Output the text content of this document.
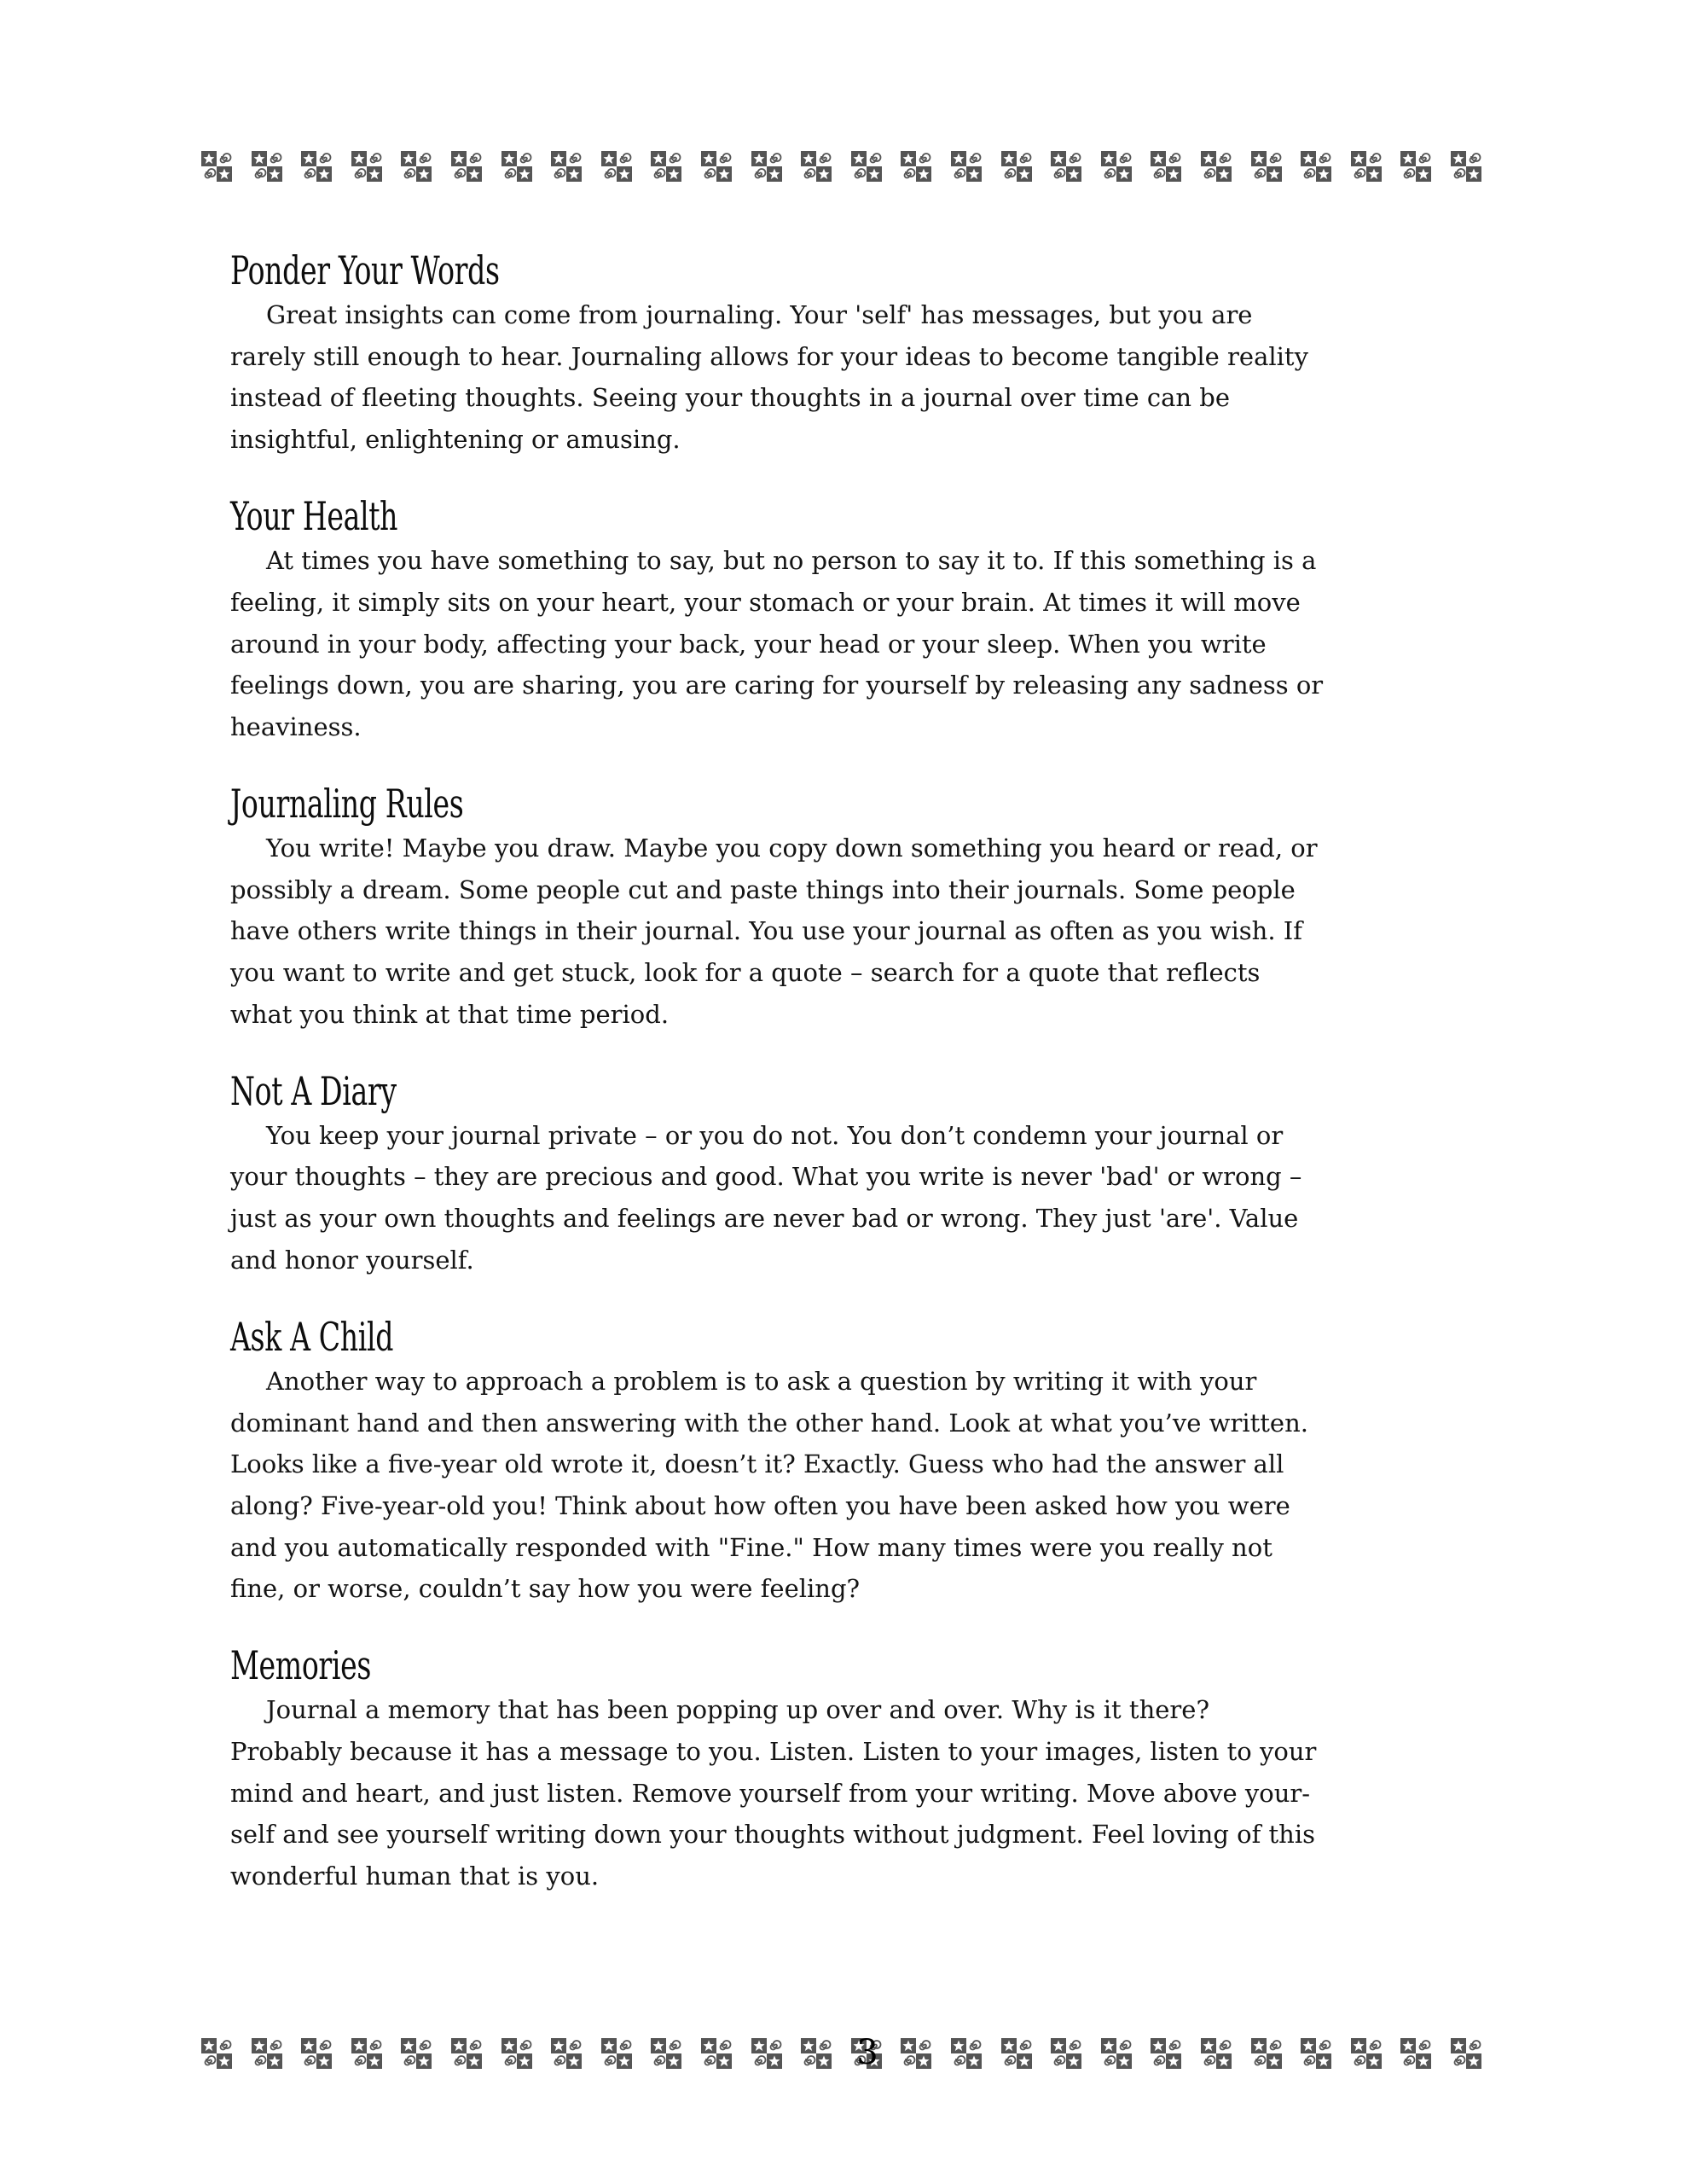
Ponder Your Words
Great insights can come from journaling. Your 'self' has messages, but you are
rarely still enough to hear. Journaling allows for your ideas to become tangible reality
instead of fleeting thoughts. Seeing your thoughts in a journal over time can be
insightful, enlightening or amusing.
Your Health
At times you have something to say, but no person to say it to. If this something is a
feeling, it simply sits on your heart, your stomach or your brain. At times it will move
around in your body, affecting your back, your head or your sleep. When you write
feelings down, you are sharing, you are caring for yourself by releasing any sadness or
heaviness.
Journaling Rules
You write! Maybe you draw. Maybe you copy down something you heard or read, or
possibly a dream. Some people cut and paste things into their journals. Some people
have others write things in their journal. You use your journal as often as you wish. If
you want to write and get stuck, look for a quote – search for a quote that reflects
what you think at that time period.
Not A Diary
You keep your journal private – or you do not. You don’t condemn your journal or
your thoughts – they are precious and good. What you write is never 'bad' or wrong –
just as your own thoughts and feelings are never bad or wrong. They just 'are'. Value
and honor yourself.
Ask A Child
Another way to approach a problem is to ask a question by writing it with your
dominant hand and then answering with the other hand. Look at what you’ve written.
Looks like a five-year old wrote it, doesn’t it? Exactly. Guess who had the answer all
along? Five-year-old you! Think about how often you have been asked how you were
and you automatically responded with "Fine." How many times were you really not
fine, or worse, couldn’t say how you were feeling?
Memories
Journal a memory that has been popping up over and over. Why is it there?
Probably because it has a message to you. Listen. Listen to your images, listen to your
mind and heart, and just listen. Remove yourself from your writing. Move above your-
self and see yourself writing down your thoughts without judgment. Feel loving of this
wonderful human that is you.
3
